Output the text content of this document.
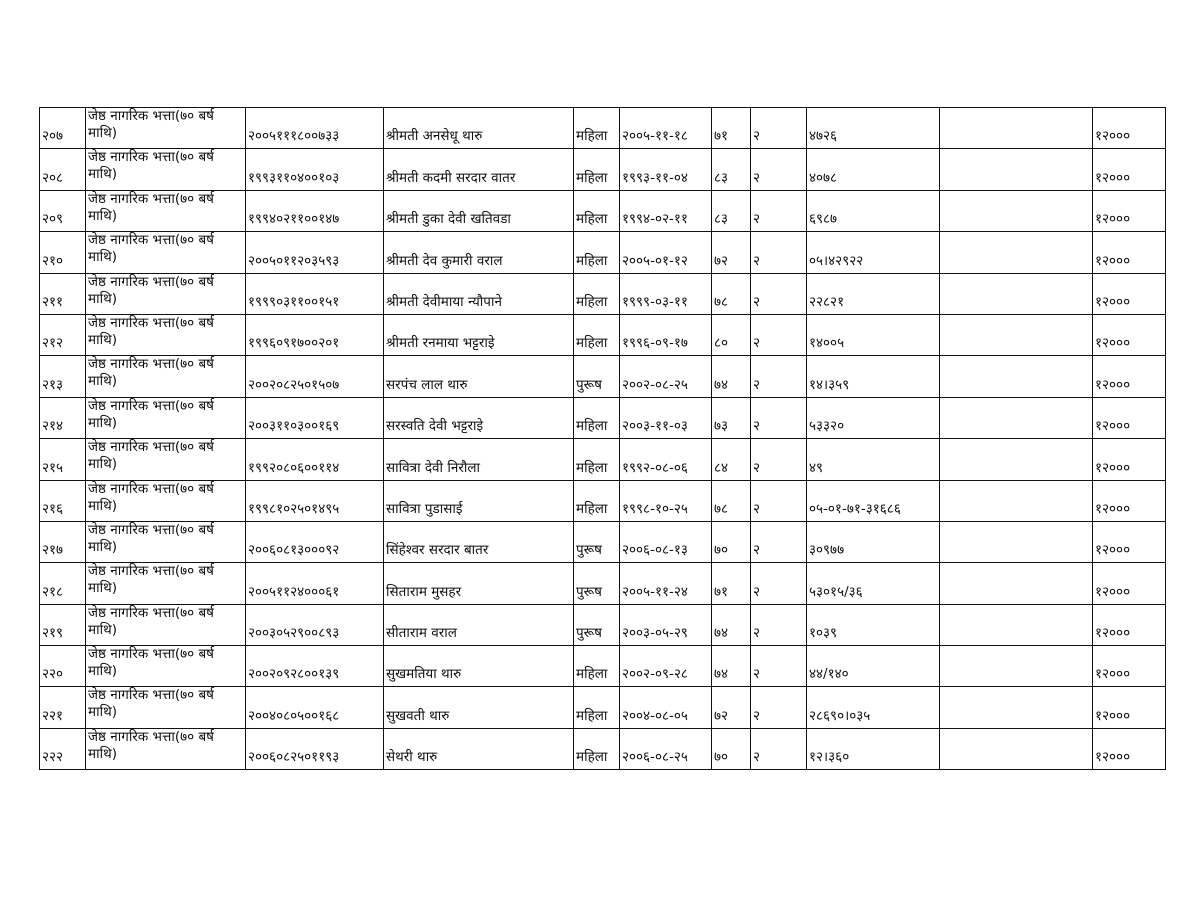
२०७	जेष्ठ नागरिक भत्ता(७० बर्ष
माथि)	२००५१११८००७३३	श्रीमती अनसेधू थारु	महिला	२००५-११-१८	७१	२	४७२६		१२०००
२०८	जेष्ठ नागरिक भत्ता(७० बर्ष
माथि)	१९९३११०४००१०३	श्रीमती कदमी सरदार वातर	महिला	१९९३-११-०४	८३	२	४०७८		१२०००
२०९	जेष्ठ नागरिक भत्ता(७० बर्ष
माथि)	१९९४०२११००१४७	श्रीमती डुका देवी खतिवडा	महिला	१९९४-०२-११	८३	२	६९८७		१२०००
२१०	जेष्ठ नागरिक भत्ता(७० बर्ष
माथि)	२००५०११२०३५९३	श्रीमती देव कुमारी वराल	महिला	२००५-०१-१२	७२	२	०५।४२९२२		१२०००
२११	जेष्ठ नागरिक भत्ता(७० बर्ष
माथि)	१९९९०३११००१५१	श्रीमती देवीमाया न्यौपाने	महिला	१९९९-०३-११	७८	२	२२८२१		१२०००
२१२	जेष्ठ नागरिक भत्ता(७० बर्ष
माथि)	१९९६०९१७००२०१	श्रीमती रनमाया भट्टराइे	महिला	१९९६-०९-१७	८०	२	१४००५		१२०००
२१३	जेष्ठ नागरिक भत्ता(७० बर्ष
माथि)	२००२०८२५०१५०७	सरपंच लाल थारु	पुरूष	२००२-०८-२५	७४	२	१४।३५९		१२०००
२१४	जेष्ठ नागरिक भत्ता(७० बर्ष
माथि)	२००३११०३००१६९	सरस्वति देवी भट्टराइे	महिला	२००३-११-०३	७३	२	५३३२०		१२०००
२१५	जेष्ठ नागरिक भत्ता(७० बर्ष
माथि)	१९९२०८०६००११४	सावित्रा देवी निरौला	महिला	१९९२-०८-०६	८४	२	४९		१२०००
२१६	जेष्ठ नागरिक भत्ता(७० बर्ष
माथि)	१९९८१०२५०१४९५	सावित्रा पुडासाई	महिला	१९९८-१०-२५	७८	२	०५-०१-७१-३१६८६		१२०००
२१७	जेष्ठ नागरिक भत्ता(७० बर्ष
माथि)	२००६०८१३०००९२	सिंहेश्वर सरदार बातर	पुरूष	२००६-०८-१३	७०	२	३०९७७		१२०००
२१८	जेष्ठ नागरिक भत्ता(७० बर्ष
माथि)	२००५११२४०००६१	सिताराम मुसहर	पुरूष	२००५-११-२४	७१	२	५३०१५/३६		१२०००
२१९	जेष्ठ नागरिक भत्ता(७० बर्ष
माथि)	२००३०५२९००८९३	सीताराम वराल	पुरूष	२००३-०५-२९	७४	२	१०३९		१२०००
२२०	जेष्ठ नागरिक भत्ता(७० बर्ष
माथि)	२००२०९२८००१३९	सुखमतिया थारु	महिला	२००२-०९-२८	७४	२	४४/१४०		१२०००
२२१	जेष्ठ नागरिक भत्ता(७० बर्ष
माथि)	२००४०८०५००१६८	सुखवती थारु	महिला	२००४-०८-०५	७२	२	२८६९०।०३५		१२०००
२२२	जेष्ठ नागरिक भत्ता(७० बर्ष
माथि)	२००६०८२५०११९३	सेथरी थारु	महिला	२००६-०८-२५	७०	२	१२।३६०		१२०००
